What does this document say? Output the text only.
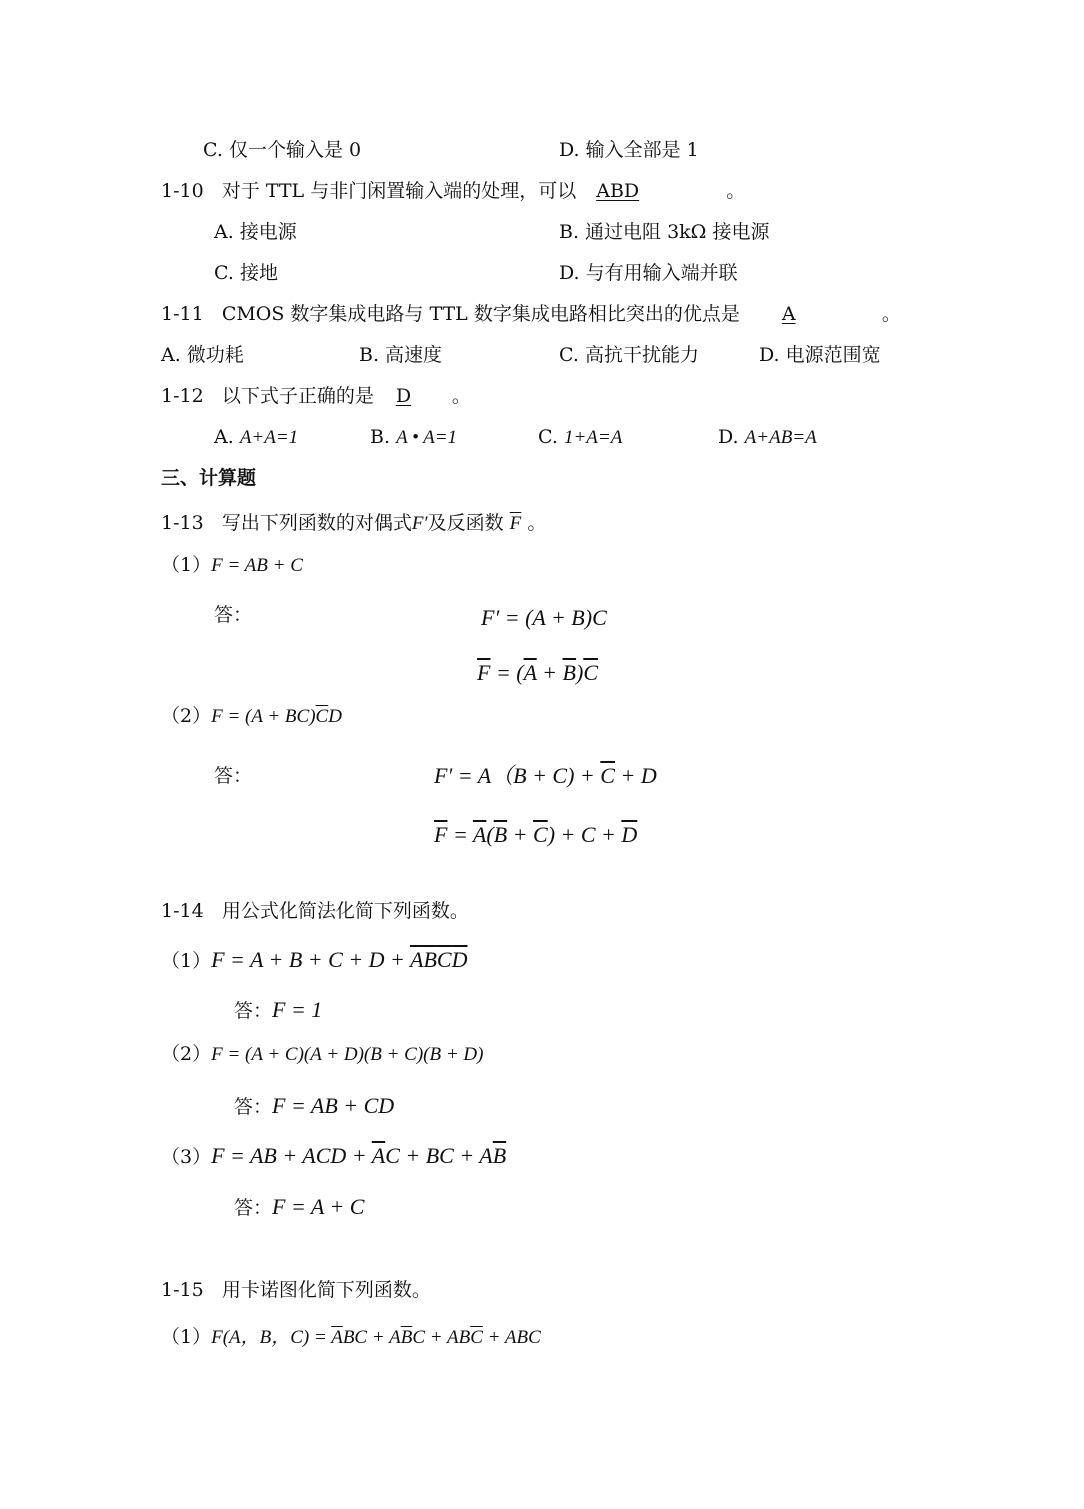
C. 仅一个输入是 0	D. 输入全部是 1
1-10 对于 TTL 与非门闲置输入端的处理，可以 ABD	。
A. 接电源	B. 通过电阻 3kΩ 接电源
C. 接地	D. 与有用输入端并联
1-11 CMOS 数字集成电路与 TTL 数字集成电路相比突出的优点是 A	。
A. 微功耗	B. 高速度	C. 高抗干扰能力	D. 电源范围宽
1-12 以下式子正确的是 D 。
A. A+A=1	B. A • A=1	C. 1+A=A	D. A+AB=A
三、计算题
1-13 写出下列函数的对偶式F′及反函数 $\overline{F}$ 。
（1）F = AB + C
答：	F′ = (A + B)C
$\overline{F} = (\overline{A} + \overline{B})\overline{C}$
$(2)F = (A + BC)\overline{C}D$
答：	$F' = A(B + C) + \overline{C} + D$
$\overline{F} = \overline{A}(\overline{B} + \overline{C}) + C + \overline{D}$
1-14 用公式化简法化简下列函数。
$(1)F = A + B + C + D + \overline{A}\overline{B}\overline{C}\overline{D}$
答：F = 1
（2）F = (A + C)(A + D)(B + C)(B + D)
答：F = AB + CD
（3）F = AB + ACD + $\overline{A}C$ + BC + $A\overline{B}$
答：F = A + C
1-15 用卡诺图化简下列函数。
（1）F(A，B，$C) = \overline{A}BC + A\overline{B}C + AB\overline{C}$ + ABC
